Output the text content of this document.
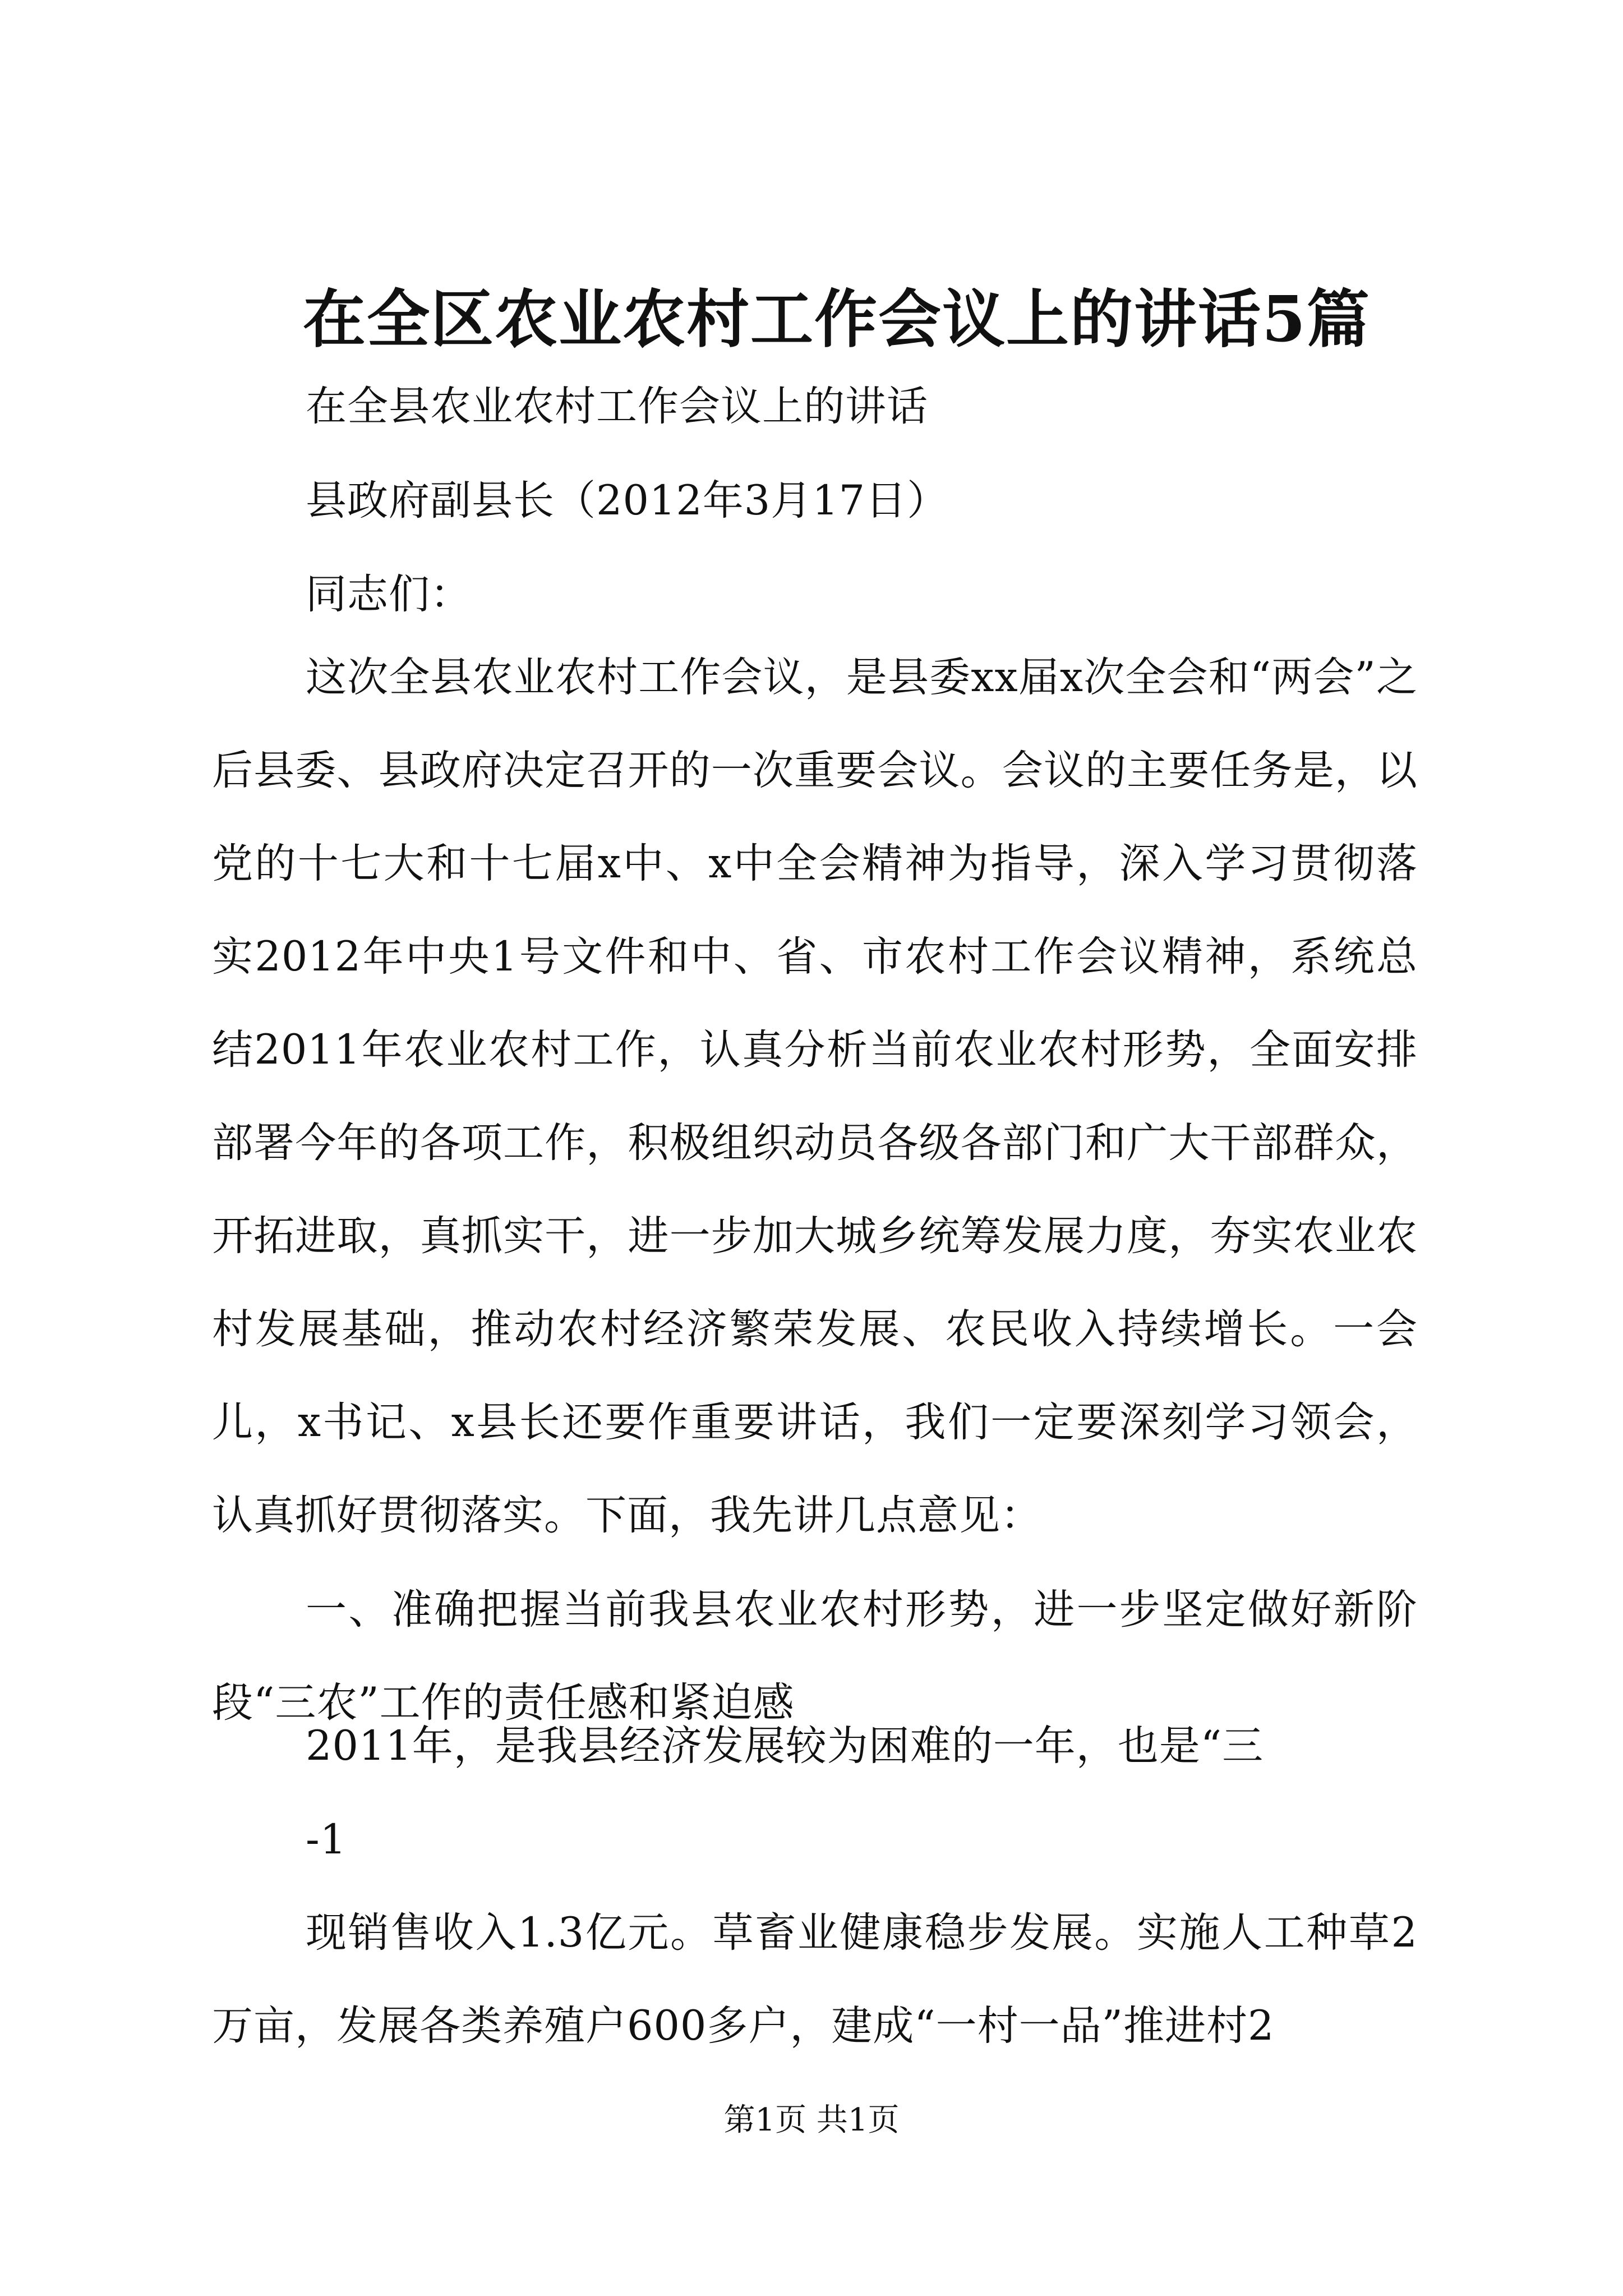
在全区农业农村工作会议上的讲话5篇
在全县农业农村工作会议上的讲话
县政府副县长（2012年3月17日）
同志们：
这次全县农业农村工作会议，是县委xx届x次全会和“两会”之后县委、县政府决定召开的一次重要会议。会议的主要任务是，以党的十七大和十七届x中、x中全会精神为指导，深入学习贯彻落实2012年中央1号文件和中、省、市农村工作会议精神，系统总结2011年农业农村工作，认真分析当前农业农村形势，全面安排部署今年的各项工作，积极组织动员各级各部门和广大干部群众，开拓进取，真抓实干，进一步加大城乡统筹发展力度，夯实农业农村发展基础，推动农村经济繁荣发展、农民收入持续增长。一会儿，x书记、x县长还要作重要讲话，我们一定要深刻学习领会，认真抓好贯彻落实。下面，我先讲几点意见：
一、准确把握当前我县农业农村形势，进一步坚定做好新阶段“三农”工作的责任感和紧迫感
2011年，是我县经济发展较为困难的一年，也是“三
-1
现销售收入1.3亿元。草畜业健康稳步发展。实施人工种草2万亩，发展各类养殖户600多户，建成“一村一品”推进村2
第1页 共1页
